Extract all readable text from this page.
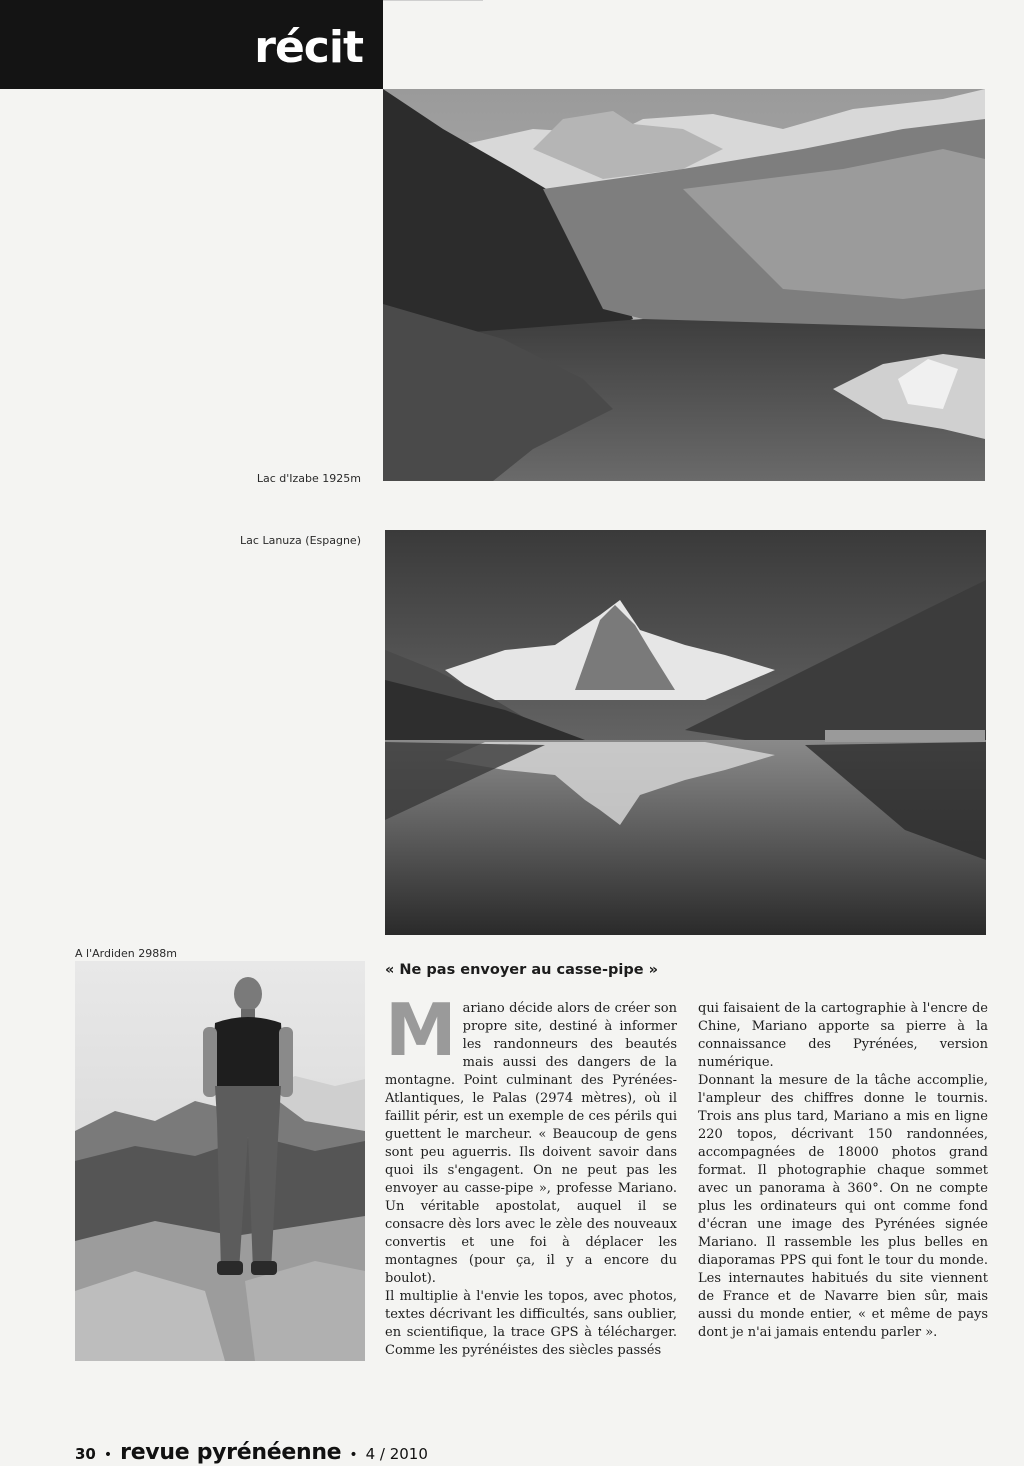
récit
Lac d'Izabe 1925m
Lac Lanuza (Espagne)
A l'Ardiden 2988m
« Ne pas envoyer au casse-pipe »

Mariano décide alors de créer son propre site, destiné à informer les randonneurs des beautés mais aussi des dangers de la montagne. Point culminant des Pyrénées-Atlantiques, le Palas (2974 mètres), où il faillit périr, est un exemple de ces périls qui guettent le marcheur. « Beaucoup de gens sont peu aguerris. Ils doivent savoir dans quoi ils s'engagent. On ne peut pas les envoyer au casse-pipe », professe Mariano. Un véritable apostolat, auquel il se consacre dès lors avec le zèle des nouveaux convertis et une foi à déplacer les montagnes (pour ça, il y a encore du boulot).

Il multiplie à l'envie les topos, avec photos, textes décrivant les difficultés, sans oublier, en scientifique, la trace GPS à télécharger. Comme les pyrénéistes des siècles passés

qui faisaient de la cartographie à l'encre de Chine, Mariano apporte sa pierre à la connaissance des Pyrénées, version numérique.

Donnant la mesure de la tâche accomplie, l'ampleur des chiffres donne le tournis. Trois ans plus tard, Mariano a mis en ligne 220 topos, décrivant 150 randonnées, accompagnées de 18000 photos grand format. Il photographie chaque sommet avec un panorama à 360°. On ne compte plus les ordinateurs qui ont comme fond d'écran une image des Pyrénées signée Mariano. Il rassemble les plus belles en diaporamas PPS qui font le tour du monde. Les internautes habitués du site viennent de France et de Navarre bien sûr, mais aussi du monde entier, « et même de pays dont je n'ai jamais entendu parler ».

30 • revue pyrénéenne • 4 / 2010
